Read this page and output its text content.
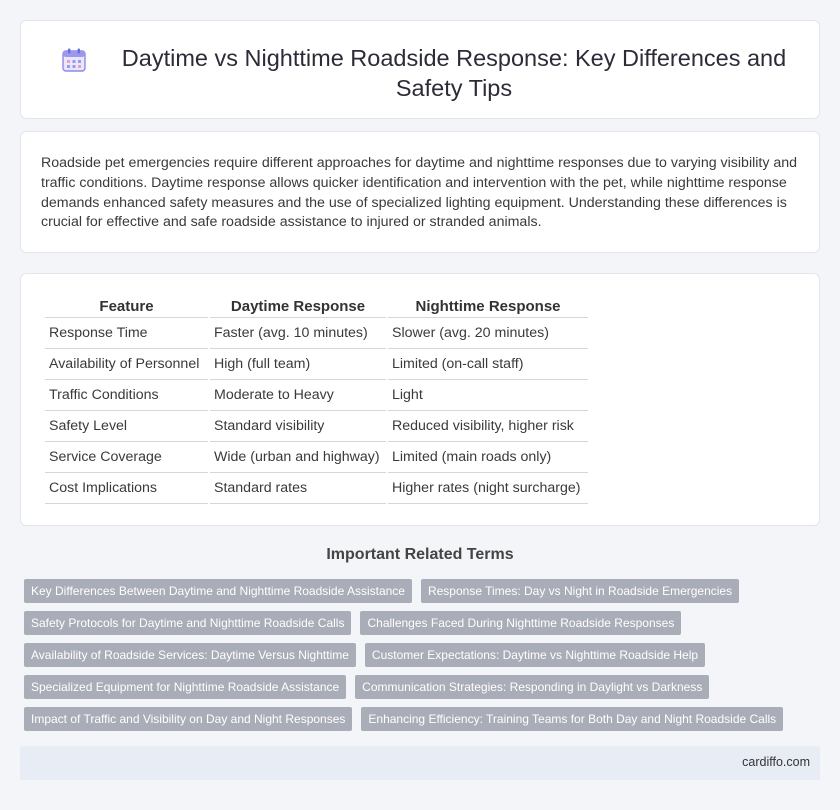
Daytime vs Nighttime Roadside Response: Key Differences and Safety Tips

Roadside pet emergencies require different approaches for daytime and nighttime responses due to varying visibility and traffic conditions. Daytime response allows quicker identification and intervention with the pet, while nighttime response demands enhanced safety measures and the use of specialized lighting equipment. Understanding these differences is crucial for effective and safe roadside assistance to injured or stranded animals.

Feature	Daytime Response	Nighttime Response
Response Time	Faster (avg. 10 minutes)	Slower (avg. 20 minutes)
Availability of Personnel	High (full team)	Limited (on-call staff)
Traffic Conditions	Moderate to Heavy	Light
Safety Level	Standard visibility	Reduced visibility, higher risk
Service Coverage	Wide (urban and highway)	Limited (main roads only)
Cost Implications	Standard rates	Higher rates (night surcharge)
Important Related Terms
Key Differences Between Daytime and Nighttime Roadside Assistance	Response Times: Day vs Night in Roadside Emergencies
Safety Protocols for Daytime and Nighttime Roadside Calls	Challenges Faced During Nighttime Roadside Responses
Availability of Roadside Services: Daytime Versus Nighttime	Customer Expectations: Daytime vs Nighttime Roadside Help
Specialized Equipment for Nighttime Roadside Assistance	Communication Strategies: Responding in Daylight vs Darkness
Impact of Traffic and Visibility on Day and Night Responses	Enhancing Efficiency: Training Teams for Both Day and Night Roadside Calls
cardiffo.com
